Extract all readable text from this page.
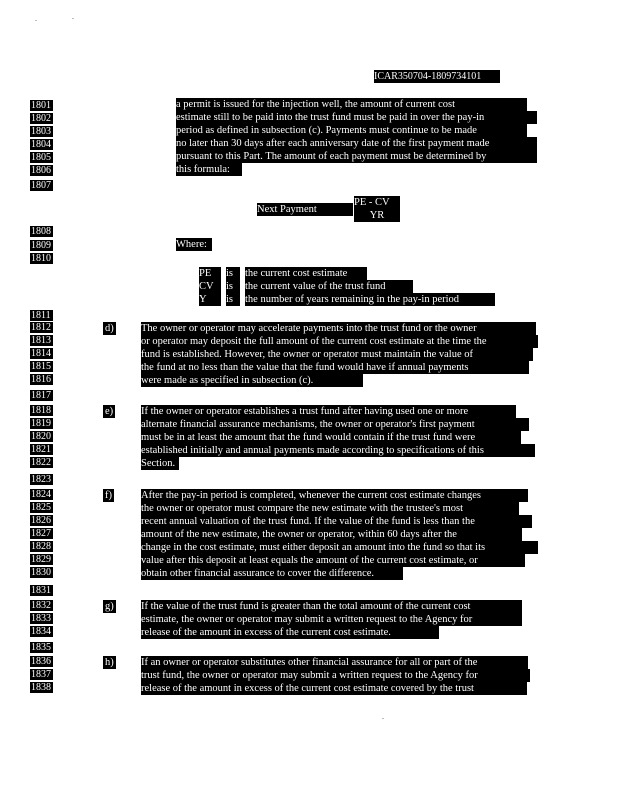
.	.
.
ICAR350704-1809734101
1801
1802
1803
1804
1805
1806
1807
1808
1809
1810
1811
1812
1813
1814
1815
1816
1817
1818
1819
1820
1821
1822
1823
1824
1825
1826
1827
1828
1829
1830
1831
1832
1833
1834
1835
1836
1837
1838
a permit is issued for the injection well, the amount of current cost
estimate still to be paid into the trust fund must be paid in over the pay-in
period as defined in subsection (c). Payments must continue to be made
no later than 30 days after each anniversary date of the first payment made
pursuant to this Part. The amount of each payment must be determined by
this formula:
Next Payment
PE - CV
YR
Where:
PE	is	the current cost estimate
CV	is	the current value of the trust fund
Y	is	the number of years remaining in the pay-in period
d)	The owner or operator may accelerate payments into the trust fund or the owner
or operator may deposit the full amount of the current cost estimate at the time the
fund is established. However, the owner or operator must maintain the value of
the fund at no less than the value that the fund would have if annual payments
were made as specified in subsection (c).
e)	If the owner or operator establishes a trust fund after having used one or more
alternate financial assurance mechanisms, the owner or operator's first payment
must be in at least the amount that the fund would contain if the trust fund were
established initially and annual payments made according to specifications of this
Section.
f)	After the pay-in period is completed, whenever the current cost estimate changes
the owner or operator must compare the new estimate with the trustee's most
recent annual valuation of the trust fund. If the value of the fund is less than the
amount of the new estimate, the owner or operator, within 60 days after the
change in the cost estimate, must either deposit an amount into the fund so that its
value after this deposit at least equals the amount of the current cost estimate, or
obtain other financial assurance to cover the difference.
g)	If the value of the trust fund is greater than the total amount of the current cost
estimate, the owner or operator may submit a written request to the Agency for
release of the amount in excess of the current cost estimate.
h)	If an owner or operator substitutes other financial assurance for all or part of the
trust fund, the owner or operator may submit a written request to the Agency for
release of the amount in excess of the current cost estimate covered by the trust
